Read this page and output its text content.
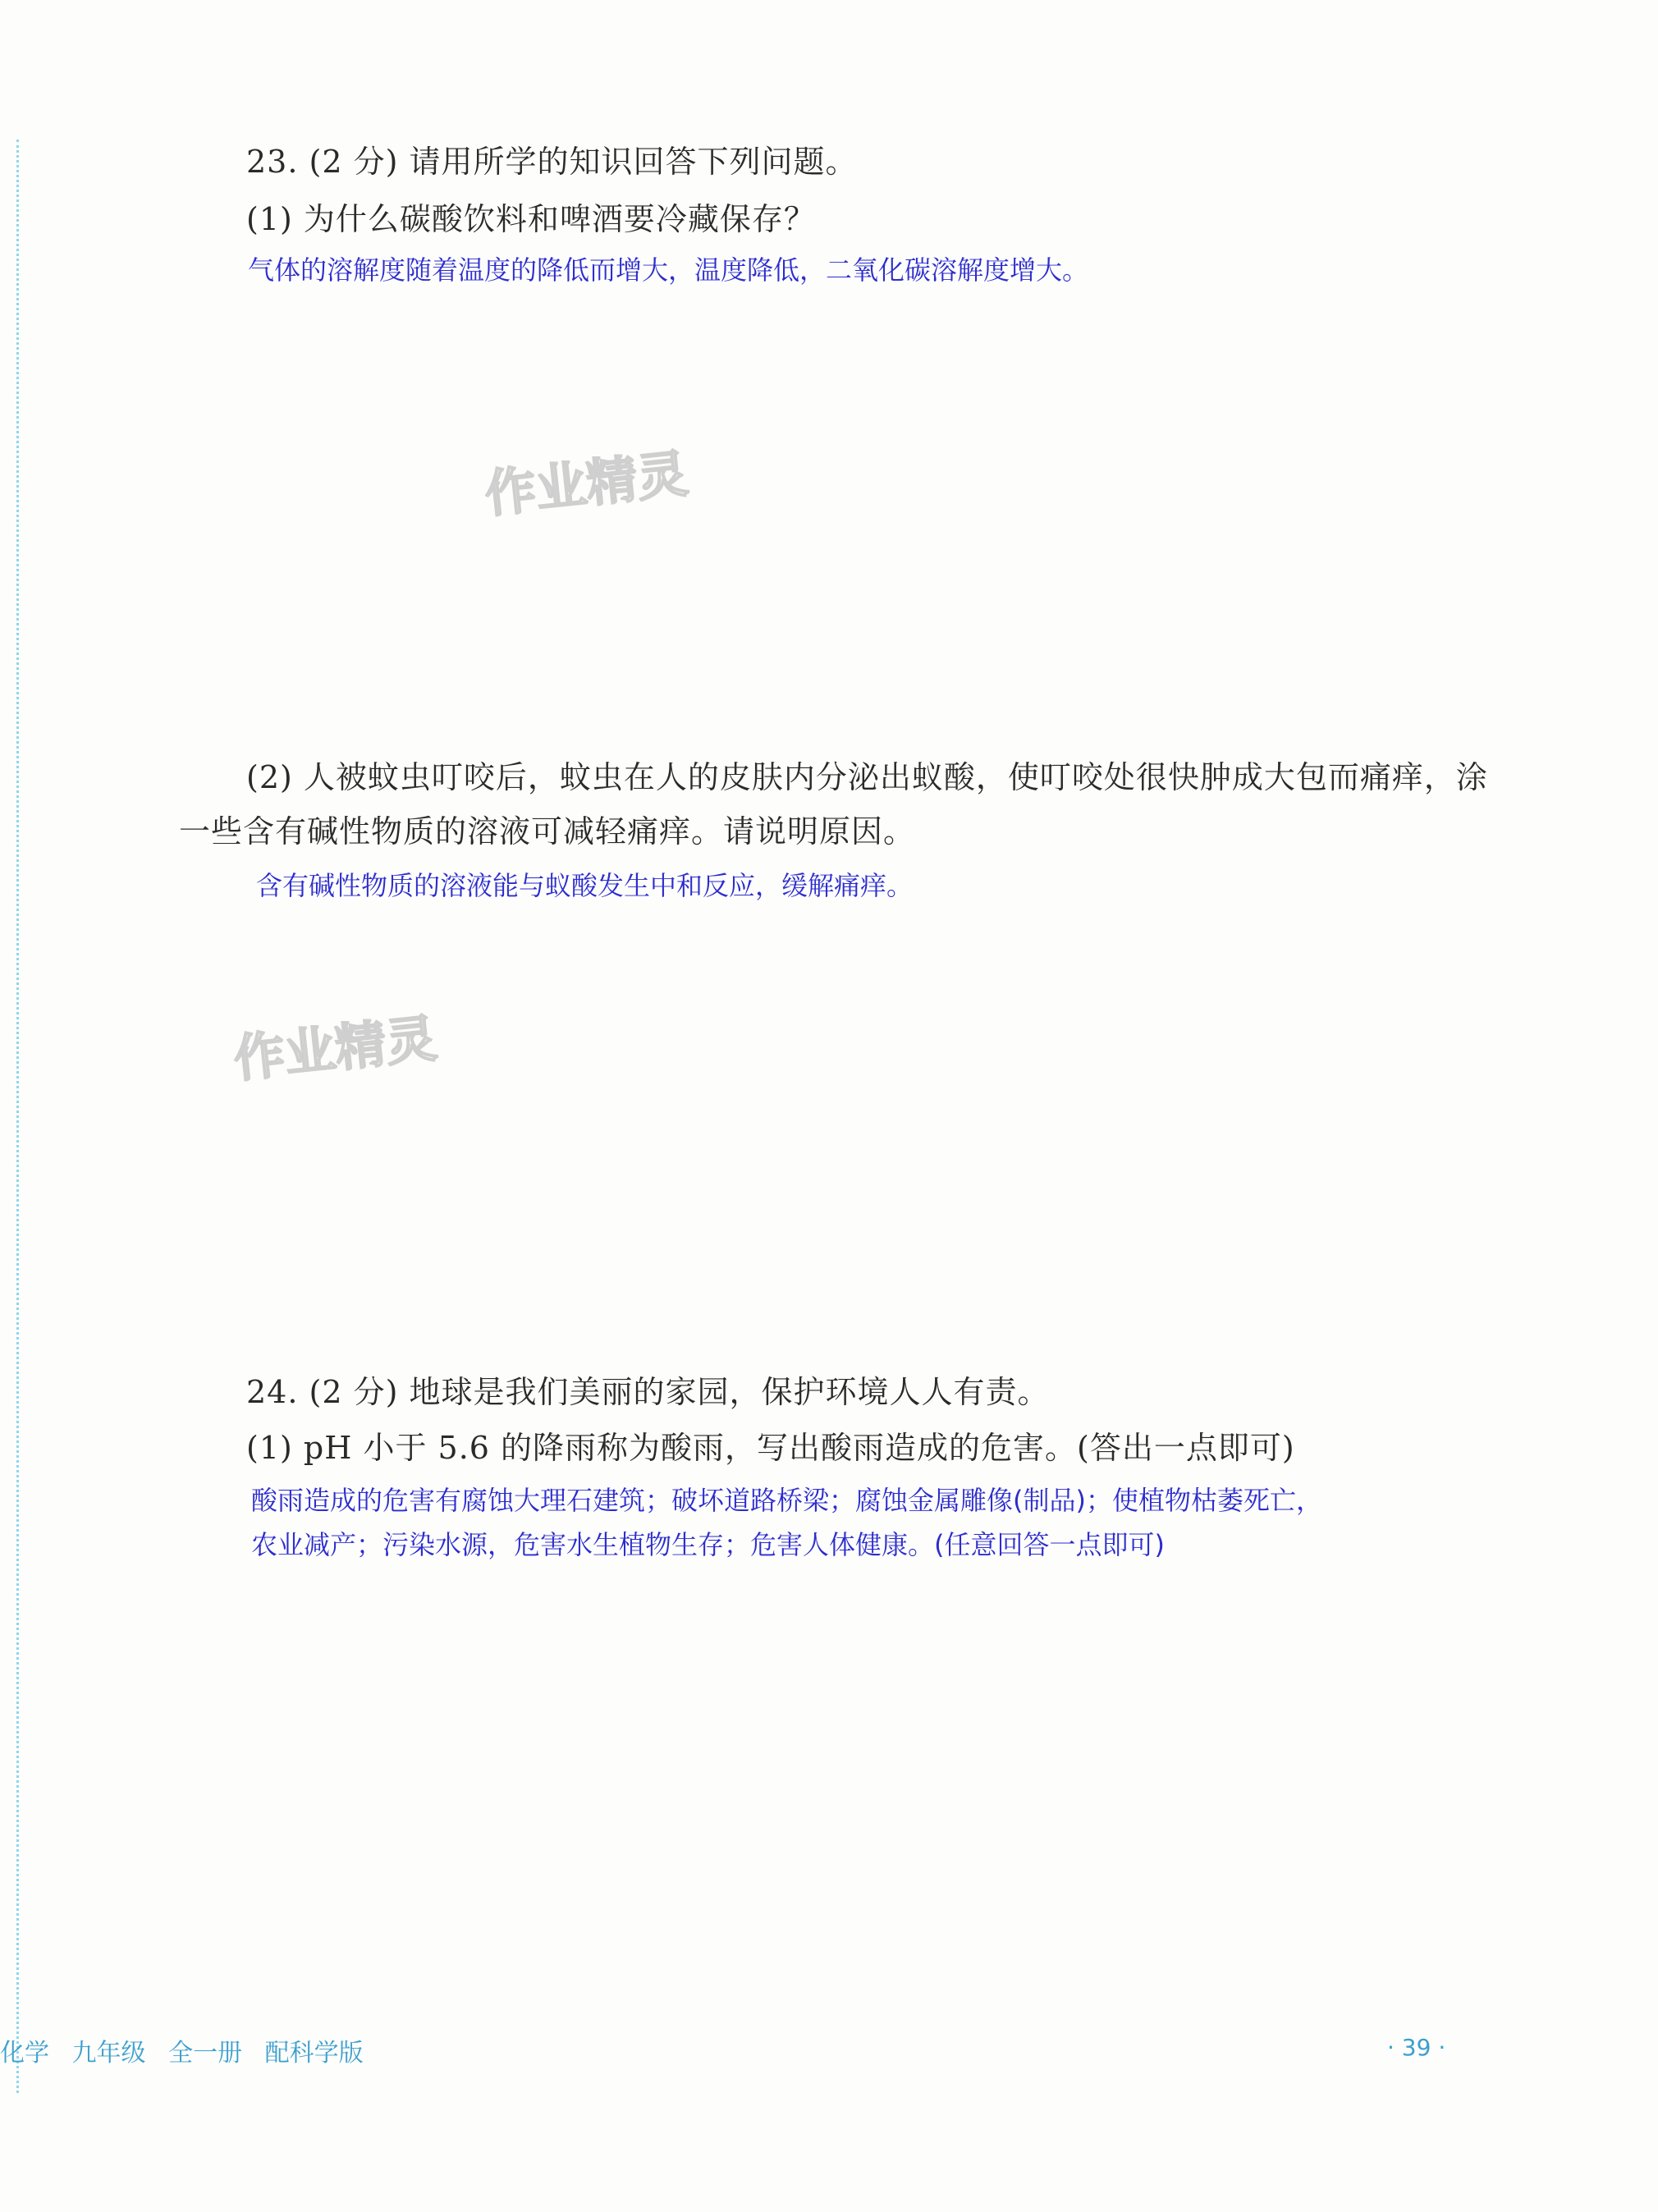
23. (2 分) 请用所学的知识回答下列问题。
(1) 为什么碳酸饮料和啤酒要冷藏保存？
气体的溶解度随着温度的降低而增大，温度降低，二氧化碳溶解度增大。
作业精灵
(2) 人被蚊虫叮咬后，蚊虫在人的皮肤内分泌出蚁酸，使叮咬处很快肿成大包而痛痒，涂
一些含有碱性物质的溶液可减轻痛痒。请说明原因。
含有碱性物质的溶液能与蚁酸发生中和反应，缓解痛痒。
作业精灵
24. (2 分) 地球是我们美丽的家园，保护环境人人有责。
(1) pH 小于 5.6 的降雨称为酸雨，写出酸雨造成的危害。(答出一点即可)
酸雨造成的危害有腐蚀大理石建筑；破坏道路桥梁；腐蚀金属雕像(制品)；使植物枯萎死亡，
农业减产；污染水源，危害水生植物生存；危害人体健康。(任意回答一点即可)
化学 九年级 全一册 配科学版	· 39 ·
